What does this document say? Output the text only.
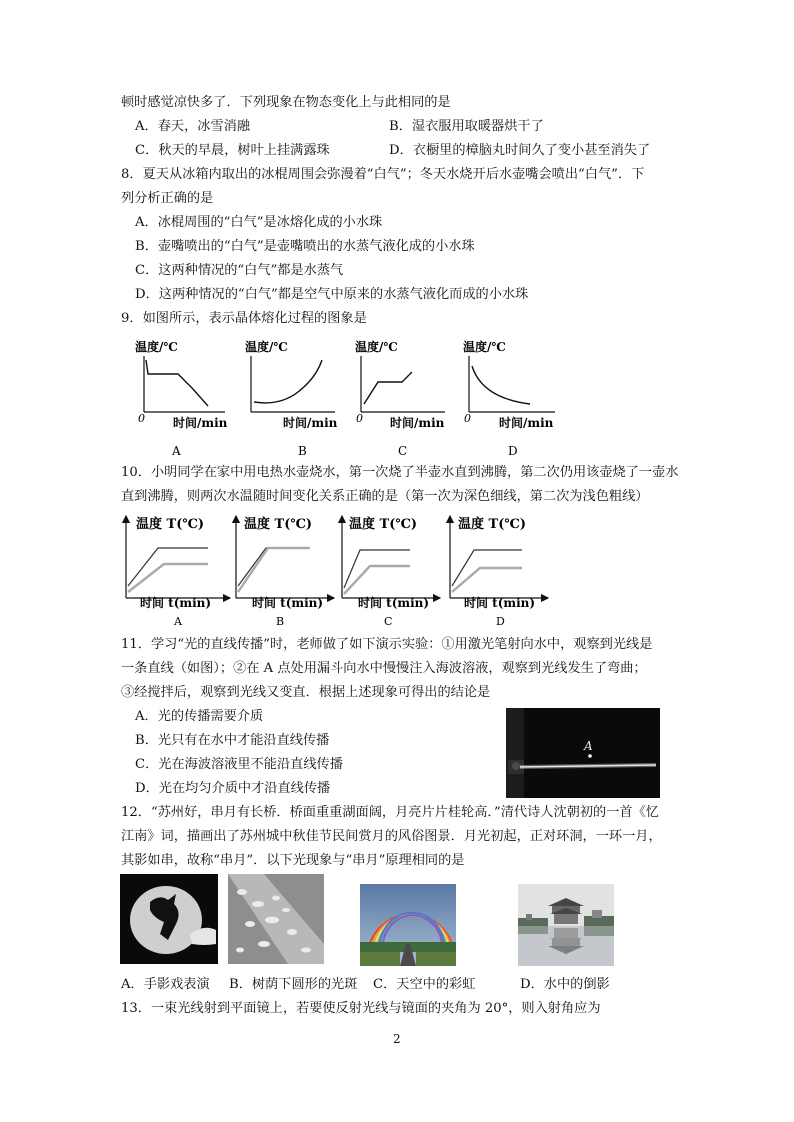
顿时感觉凉快多了．下列现象在物态变化上与此相同的是
A．春天，冰雪消融	B．湿衣服用取暖器烘干了
C．秋天的早晨，树叶上挂满露珠	D．衣橱里的樟脑丸时间久了变小甚至消失了
8．夏天从冰箱内取出的冰棍周围会弥漫着“白气”；冬天水烧开后水壶嘴会喷出“白气”．下
列分析正确的是
A．冰棍周围的“白气”是冰熔化成的小水珠
B．壶嘴喷出的“白气”是壶嘴喷出的水蒸气液化成的小水珠
C．这两种情况的“白气”都是水蒸气
D．这两种情况的“白气”都是空气中原来的水蒸气液化而成的小水珠
9．如图所示，表示晶体熔化过程的图象是
温度/℃
0 时间/min
A
温度/℃
时间/min
B
温度/℃
0 时间/min
C
温度/℃
0 时间/min
D
10．小明同学在家中用电热水壶烧水，第一次烧了半壶水直到沸腾，第二次仍用该壶烧了一壶水
直到沸腾，则两次水温随时间变化关系正确的是（第一次为深色细线，第二次为浅色粗线）
温度 T(℃)
时间 t(min)
A
温度 T(℃)
时间 t(min)
B
温度 T(℃)
时间 t(min)
C
温度 T(℃)
时间 t(min)
D
11．学习“光的直线传播”时，老师做了如下演示实验：①用激光笔射向水中，观察到光线是
一条直线（如图）；②在 A 点处用漏斗向水中慢慢注入海波溶液，观察到光线发生了弯曲；
③经搅拌后，观察到光线又变直．根据上述现象可得出的结论是
A．光的传播需要介质
B．光只有在水中才能沿直线传播
C．光在海波溶液里不能沿直线传播
D．光在均匀介质中才沿直线传播
A
12．“苏州好，串月有长桥．桥面重重湖面阔，月亮片片桂轮高．”清代诗人沈朝初的一首《忆
江南》词，描画出了苏州城中秋佳节民间赏月的风俗图景．月光初起，正对环洞，一环一月，
其影如串，故称“串月”．以下光现象与“串月”原理相同的是
A．手影戏表演 B．树荫下圆形的光斑 C．天空中的彩虹	D．水中的倒影
13．一束光线射到平面镜上，若要使反射光线与镜面的夹角为 20°，则入射角应为
2
